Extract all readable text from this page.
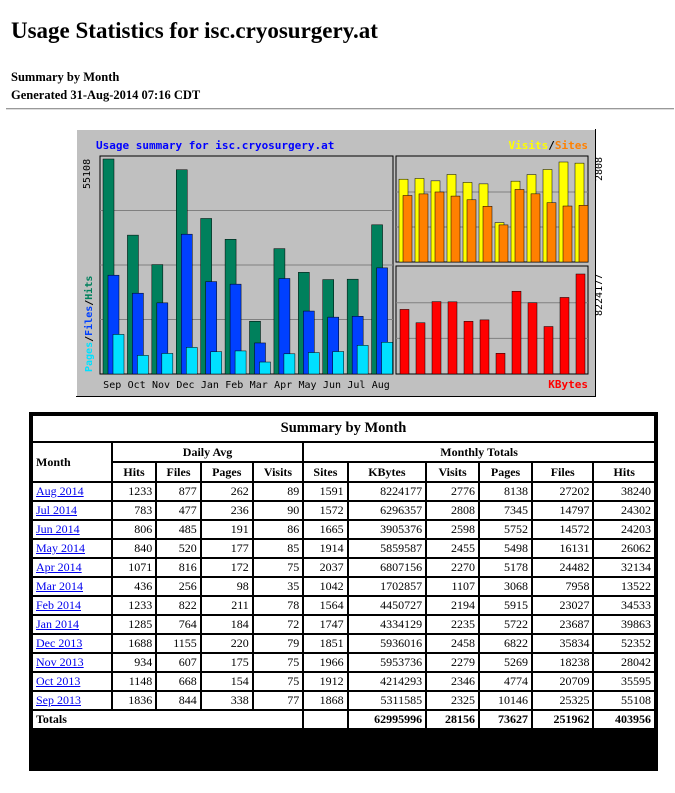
Usage Statistics for isc.cryosurgery.at
Summary by Month
Generated 31-Aug-2014 07:16 CDT
Usage summary for isc.cryosurgery.at
55108
Pages/Files/Hits
Sep Oct Nov Dec Jan Feb Mar Apr May Jun Jul Aug
Visits/Sites
2808
8224177
KBytes
Summary by Month										
Month	Daily Avg				Monthly Totals					
	Hits	Files	Pages	Visits	Sites	KBytes	Visits	Pages	Files	Hits
Aug 2014	1233	877	262	89	1591	8224177	2776	8138	27202	38240
Jul 2014	783	477	236	90	1572	6296357	2808	7345	14797	24302
Jun 2014	806	485	191	86	1665	3905376	2598	5752	14572	24203
May 2014	840	520	177	85	1914	5859587	2455	5498	16131	26062
Apr 2014	1071	816	172	75	2037	6807156	2270	5178	24482	32134
Mar 2014	436	256	98	35	1042	1702857	1107	3068	7958	13522
Feb 2014	1233	822	211	78	1564	4450727	2194	5915	23027	34533
Jan 2014	1285	764	184	72	1747	4334129	2235	5722	23687	39863
Dec 2013	1688	1155	220	79	1851	5936016	2458	6822	35834	52352
Nov 2013	934	607	175	75	1966	5953736	2279	5269	18238	28042
Oct 2013	1148	668	154	75	1912	4214293	2346	4774	20709	35595
Sep 2013	1836	844	338	77	1868	5311585	2325	10146	25325	55108
Totals						62995996	28156	73627	251962	403956
